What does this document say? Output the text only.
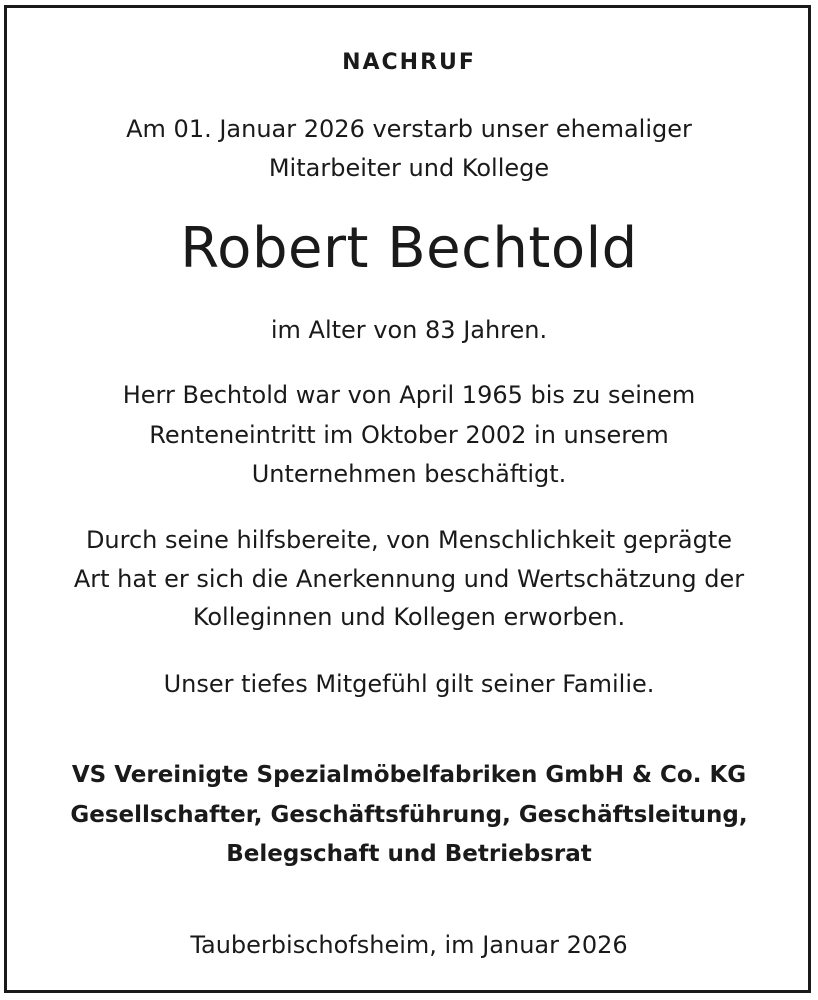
NACHRUF
Am 01. Januar 2026 verstarb unser ehemaliger
Mitarbeiter und Kollege
Robert Bechtold
im Alter von 83 Jahren.
Herr Bechtold war von April 1965 bis zu seinem
Renteneintritt im Oktober 2002 in unserem
Unternehmen beschäftigt.
Durch seine hilfsbereite, von Menschlichkeit geprägte
Art hat er sich die Anerkennung und Wertschätzung der
Kolleginnen und Kollegen erworben.
Unser tiefes Mitgefühl gilt seiner Familie.
VS Vereinigte Spezialmöbelfabriken GmbH & Co. KG
Gesellschafter, Geschäftsführung, Geschäftsleitung,
Belegschaft und Betriebsrat
Tauberbischofsheim, im Januar 2026
